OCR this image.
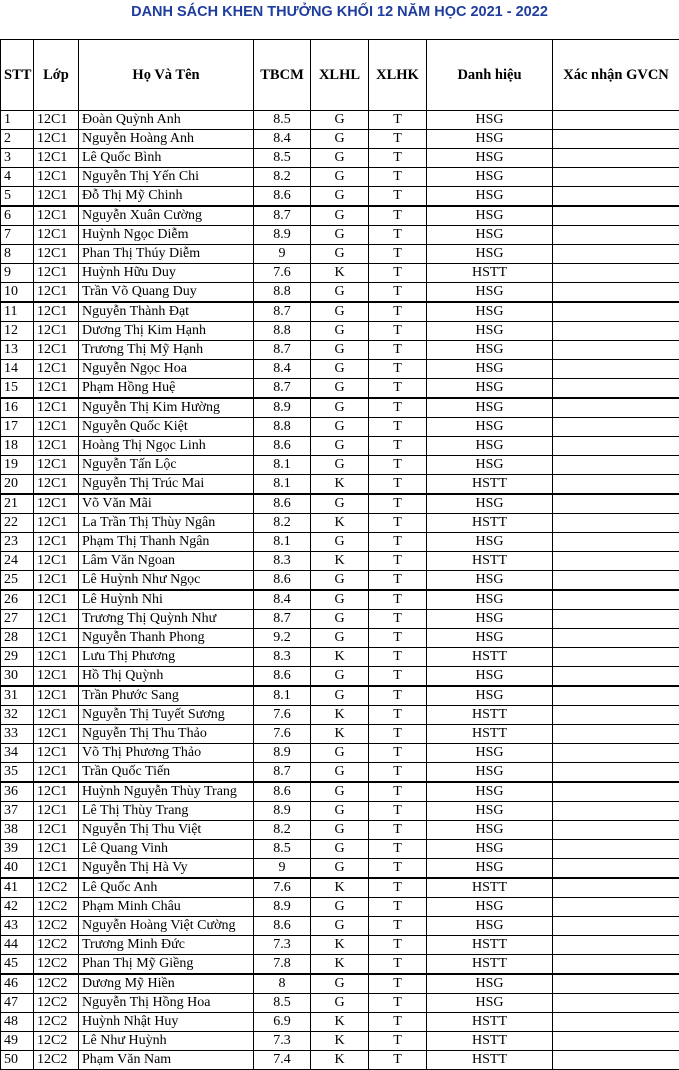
DANH SÁCH KHEN THƯỞNG KHỐI 12 NĂM HỌC 2021 - 2022
STT	Lớp	Họ Và Tên	TBCM	XLHL	XLHK	Danh hiệu	Xác nhận GVCN
1	12C1	Đoàn Quỳnh Anh	8.5	G	T	HSG	
2	12C1	Nguyễn Hoàng Anh	8.4	G	T	HSG	
3	12C1	Lê Quốc Bình	8.5	G	T	HSG	
4	12C1	Nguyễn Thị Yến Chi	8.2	G	T	HSG	
5	12C1	Đỗ Thị Mỹ Chinh	8.6	G	T	HSG	
6	12C1	Nguyễn Xuân Cường	8.7	G	T	HSG	
7	12C1	Huỳnh Ngọc Diễm	8.9	G	T	HSG	
8	12C1	Phan Thị Thúy Diễm	9	G	T	HSG	
9	12C1	Huỳnh Hữu Duy	7.6	K	T	HSTT	
10	12C1	Trần Võ Quang Duy	8.8	G	T	HSG	
11	12C1	Nguyễn Thành Đạt	8.7	G	T	HSG	
12	12C1	Dương Thị Kim Hạnh	8.8	G	T	HSG	
13	12C1	Trương Thị Mỹ Hạnh	8.7	G	T	HSG	
14	12C1	Nguyễn Ngọc Hoa	8.4	G	T	HSG	
15	12C1	Phạm Hồng Huệ	8.7	G	T	HSG	
16	12C1	Nguyễn Thị Kim Hường	8.9	G	T	HSG	
17	12C1	Nguyễn Quốc Kiệt	8.8	G	T	HSG	
18	12C1	Hoàng Thị Ngọc Linh	8.6	G	T	HSG	
19	12C1	Nguyễn Tấn Lộc	8.1	G	T	HSG	
20	12C1	Nguyễn Thị Trúc Mai	8.1	K	T	HSTT	
21	12C1	Võ Văn Mãi	8.6	G	T	HSG	
22	12C1	La Trần Thị Thùy Ngân	8.2	K	T	HSTT	
23	12C1	Phạm Thị Thanh Ngân	8.1	G	T	HSG	
24	12C1	Lâm Văn Ngoan	8.3	K	T	HSTT	
25	12C1	Lê Huỳnh Như Ngọc	8.6	G	T	HSG	
26	12C1	Lê Huỳnh Nhi	8.4	G	T	HSG	
27	12C1	Trương Thị Quỳnh Như	8.7	G	T	HSG	
28	12C1	Nguyễn Thanh Phong	9.2	G	T	HSG	
29	12C1	Lưu Thị Phương	8.3	K	T	HSTT	
30	12C1	Hồ Thị Quỳnh	8.6	G	T	HSG	
31	12C1	Trần Phước Sang	8.1	G	T	HSG	
32	12C1	Nguyễn Thị Tuyết Sương	7.6	K	T	HSTT	
33	12C1	Nguyễn Thị Thu Thảo	7.6	K	T	HSTT	
34	12C1	Võ Thị Phương Thảo	8.9	G	T	HSG	
35	12C1	Trần Quốc Tiến	8.7	G	T	HSG	
36	12C1	Huỳnh Nguyễn Thùy Trang	8.6	G	T	HSG	
37	12C1	Lê Thị Thùy Trang	8.9	G	T	HSG	
38	12C1	Nguyễn Thị Thu Việt	8.2	G	T	HSG	
39	12C1	Lê Quang Vinh	8.5	G	T	HSG	
40	12C1	Nguyễn Thị Hà Vy	9	G	T	HSG	
41	12C2	Lê Quốc Anh	7.6	K	T	HSTT	
42	12C2	Phạm Minh Châu	8.9	G	T	HSG	
43	12C2	Nguyễn Hoàng Việt Cường	8.6	G	T	HSG	
44	12C2	Trương Minh Đức	7.3	K	T	HSTT	
45	12C2	Phan Thị Mỹ Giềng	7.8	K	T	HSTT	
46	12C2	Dương Mỹ Hiền	8	G	T	HSG	
47	12C2	Nguyễn Thị Hồng Hoa	8.5	G	T	HSG	
48	12C2	Huỳnh Nhật Huy	6.9	K	T	HSTT	
49	12C2	Lê Như Huỳnh	7.3	K	T	HSTT	
50	12C2	Phạm Văn Nam	7.4	K	T	HSTT	
